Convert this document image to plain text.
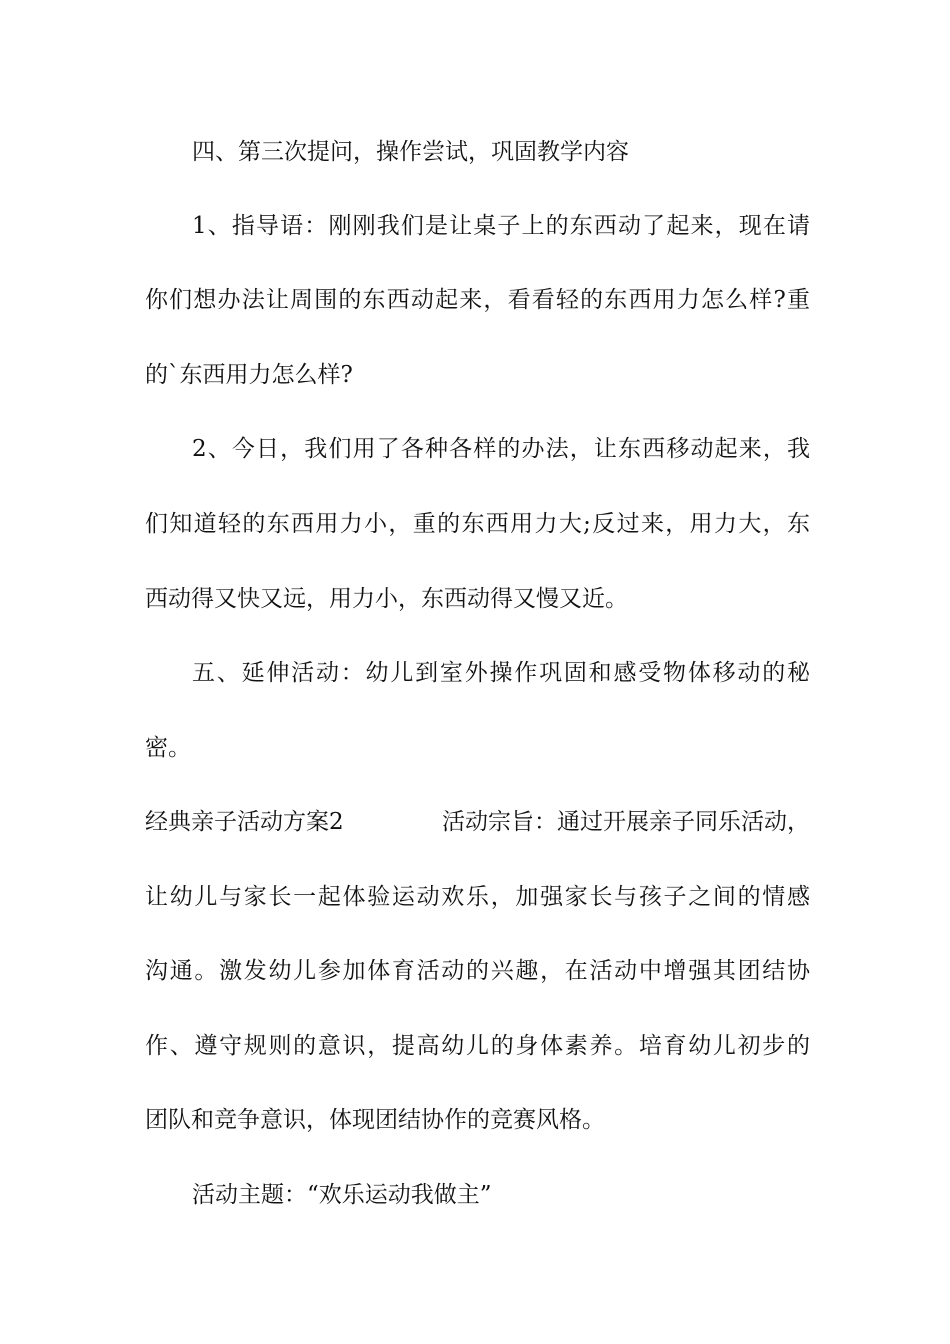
四、第三次提问，操作尝试，巩固教学内容
1、指导语：刚刚我们是让桌子上的东西动了起来，现在请
你们想办法让周围的东西动起来，看看轻的东西用力怎么样?重
的`东西用力怎么样?
2、今日，我们用了各种各样的办法，让东西移动起来，我
们知道轻的东西用力小，重的东西用力大;反过来，用力大，东
西动得又快又远，用力小，东西动得又慢又近。
五、延伸活动：幼儿到室外操作巩固和感受物体移动的秘
密。
经典亲子活动方案2	活动宗旨：通过开展亲子同乐活动，
让幼儿与家长一起体验运动欢乐，加强家长与孩子之间的情感
沟通。激发幼儿参加体育活动的兴趣，在活动中增强其团结协
作、遵守规则的意识，提高幼儿的身体素养。培育幼儿初步的
团队和竞争意识，体现团结协作的竞赛风格。
活动主题：“欢乐运动我做主”
